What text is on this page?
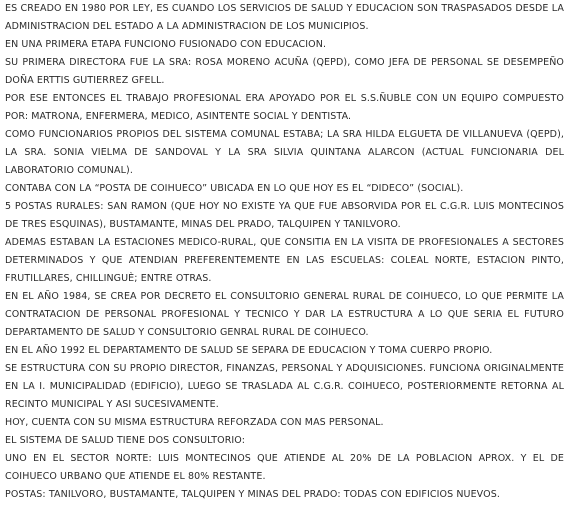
ES CREADO EN 1980 POR LEY, ES CUANDO LOS SERVICIOS DE SALUD Y EDUCACION SON TRASPASADOS DESDE LA ADMINISTRACION DEL ESTADO A LA ADMINISTRACION DE LOS MUNICIPIOS.

EN UNA PRIMERA ETAPA FUNCIONO FUSIONADO CON EDUCACION.

SU PRIMERA DIRECTORA FUE LA SRA: ROSA MORENO ACUÑA (QEPD), COMO JEFA DE PERSONAL SE DESEMPEÑO DOÑA ERTTIS GUTIERREZ GFELL.

POR ESE ENTONCES EL TRABAJO PROFESIONAL ERA APOYADO POR EL S.S.ÑUBLE CON UN EQUIPO COMPUESTO POR: MATRONA, ENFERMERA, MEDICO, ASINTENTE SOCIAL Y DENTISTA.

COMO FUNCIONARIOS PROPIOS DEL SISTEMA COMUNAL ESTABA; LA SRA HILDA ELGUETA DE VILLANUEVA (QEPD), LA SRA. SONIA VIELMA DE SANDOVAL Y LA SRA SILVIA QUINTANA ALARCON (ACTUAL FUNCIONARIA DEL LABORATORIO COMUNAL).

CONTABA CON LA “POSTA DE COIHUECO” UBICADA EN LO QUE HOY ES EL “DIDECO” (SOCIAL).

5 POSTAS RURALES: SAN RAMON (QUE HOY NO EXISTE YA QUE FUE ABSORVIDA POR EL C.G.R. LUIS MONTECINOS DE TRES ESQUINAS), BUSTAMANTE, MINAS DEL PRADO, TALQUIPEN Y TANILVORO.

ADEMAS ESTABAN LA ESTACIONES MEDICO-RURAL, QUE CONSITIA EN LA VISITA DE PROFESIONALES A SECTORES DETERMINADOS Y QUE ATENDIAN PREFERENTEMENTE EN LAS ESCUELAS: COLEAL NORTE, ESTACION PINTO, FRUTILLARES, CHILLINGUÈ; ENTRE OTRAS.

EN EL AÑO 1984, SE CREA POR DECRETO EL CONSULTORIO GENERAL RURAL DE COIHUECO, LO QUE PERMITE LA CONTRATACION DE PERSONAL PROFESIONAL Y TECNICO Y DAR LA ESTRUCTURA A LO QUE SERIA EL FUTURO DEPARTAMENTO DE SALUD Y CONSULTORIO GENRAL RURAL DE COIHUECO.

EN EL AÑO 1992 EL DEPARTAMENTO DE SALUD SE SEPARA DE EDUCACION Y TOMA CUERPO PROPIO.

SE ESTRUCTURA CON SU PROPIO DIRECTOR, FINANZAS, PERSONAL Y ADQUISICIONES. FUNCIONA ORIGINALMENTE EN LA I. MUNICIPALIDAD (EDIFICIO), LUEGO SE TRASLADA AL C.G.R. COIHUECO, POSTERIORMENTE RETORNA AL RECINTO MUNICIPAL Y ASI SUCESIVAMENTE.

HOY, CUENTA CON SU MISMA ESTRUCTURA REFORZADA CON MAS PERSONAL.

EL SISTEMA DE SALUD TIENE DOS CONSULTORIO:

UNO EN EL SECTOR NORTE: LUIS MONTECINOS QUE ATIENDE AL 20% DE LA POBLACION APROX. Y EL DE COIHUECO URBANO QUE ATIENDE EL 80% RESTANTE.

POSTAS: TANILVORO, BUSTAMANTE, TALQUIPEN Y MINAS DEL PRADO: TODAS CON EDIFICIOS NUEVOS.
